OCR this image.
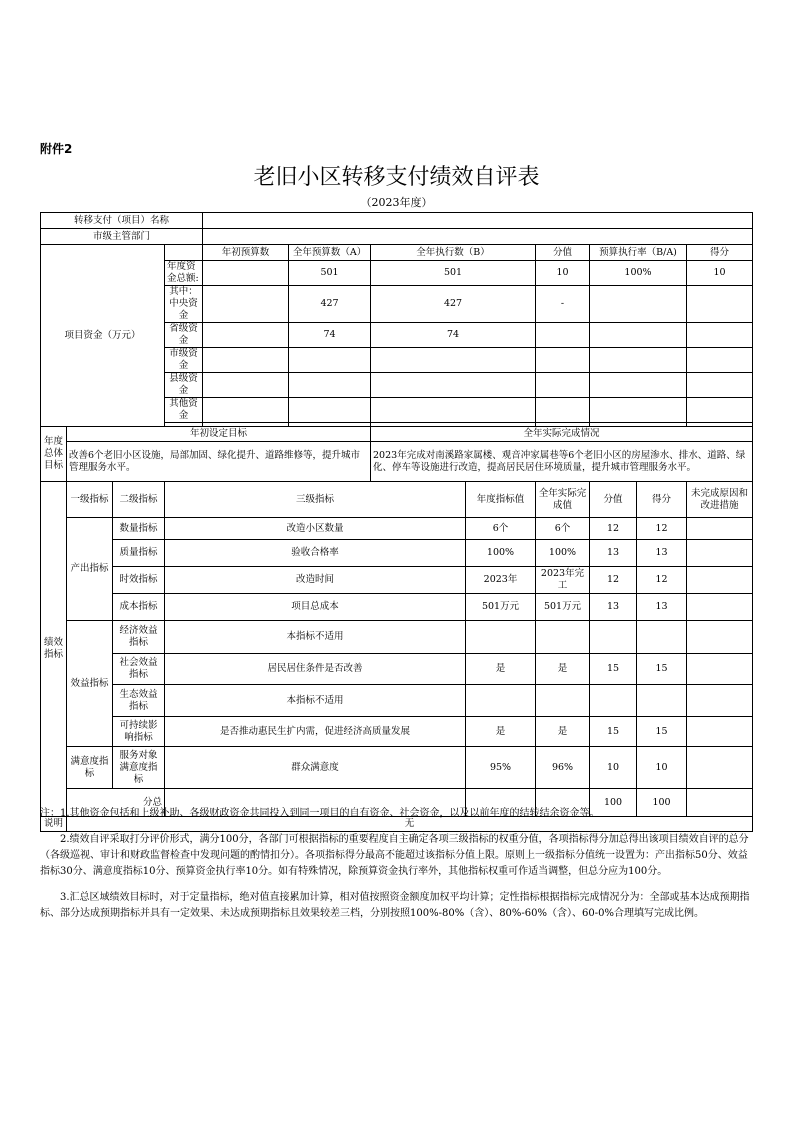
附件2
老旧小区转移支付绩效自评表
（2023年度）
转移支付（项目）名称											
市级主管部门											
项目资金（万元）				年初预算数	全年预算数（A）	全年执行数（B）		分值	预算执行率（B/A)		得分
			年度资金总额:		501	501		10	100%		10
			其中：中央资金		427	427		-			
			省级资金		74	74					
			市级资金								
			县级资金								
			其他资金								

年度总体目标	年初设定目标					全年实际完成情况					
	改善6个老旧小区设施，局部加固、绿化提升、道路维修等，提升城市管理服务水平。					2023年完成对南溪路家属楼、观音冲家属巷等6个老旧小区的房屋渗水、排水、道路、绿化、停车等设施进行改造，提高居民居住环境质量，提升城市管理服务水平。					
绩效指标	一级指标	二级指标	三级指标				年度指标值	全年实际完成值	分值	得分	未完成原因和改进措施
	产出指标	数量指标	改造小区数量				6个	6个	12	12	
		质量指标	验收合格率				100%	100%	13	13	
		时效指标	改造时间				2023年	2023年完工	12	12	
		成本指标	项目总成本				501万元	501万元	13	13	
	效益指标	经济效益指标	本指标不适用								
		社会效益指标	居民居住条件是否改善				是	是	15	15	
		生态效益指标	本指标不适用								
		可持续影响指标	是否推动惠民生扩内需，促进经济高质量发展				是	是	15	15	
	满意度指标	服务对象满意度指标	群众满意度				95%	96%	10	10	
	分总								100	100	
说明	无										

注：1.其他资金包括和上级补助、各级财政资金共同投入到同一项目的自有资金、社会资金，以及以前年度的结转结余资金等。

2.绩效自评采取打分评价形式，满分100分，各部门可根据指标的重要程度自主确定各项三级指标的权重分值，各项指标得分加总得出该项目绩效自评的总分（各级巡视、审计和财政监督检查中发现问题的酌情扣分）。各项指标得分最高不能超过该指标分值上限。原则上一级指标分值统一设置为：产出指标50分、效益指标30分、满意度指标10分、预算资金执行率10分。如有特殊情况，除预算资金执行率外，其他指标权重可作适当调整，但总分应为100分。

3.汇总区域绩效目标时，对于定量指标，绝对值直接累加计算，相对值按照资金额度加权平均计算；定性指标根据指标完成情况分为：全部或基本达成预期指标、部分达成预期指标并具有一定效果、未达成预期指标且效果较差三档，分别按照100%-80%（含）、80%-60%（含）、60-0%合理填写完成比例。
